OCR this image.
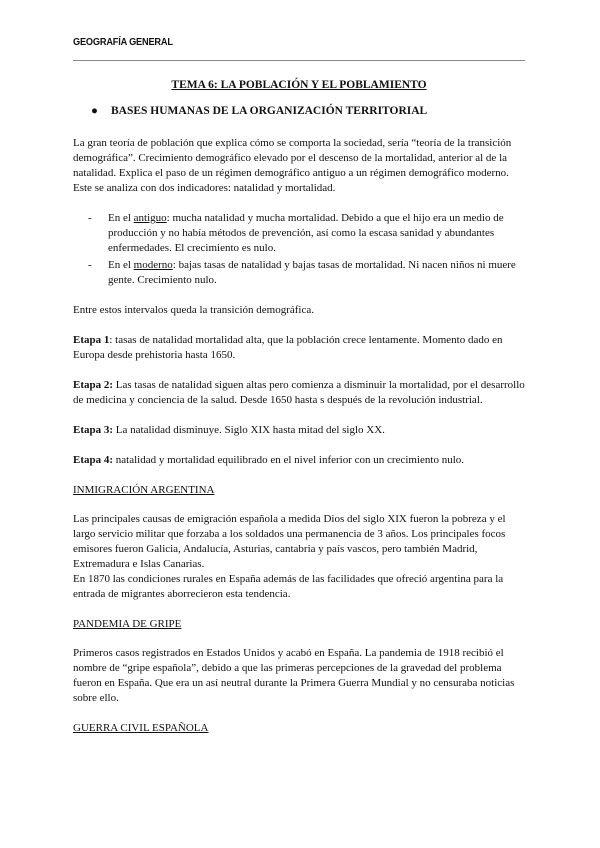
GEOGRAFÍA GENERAL
TEMA 6: LA POBLACIÓN Y EL POBLAMIENTO
●	BASES HUMANAS DE LA ORGANIZACIÓN TERRITORIAL

La gran teoría de población que explica cómo se comporta la sociedad, sería “teoría de la transición demográfica”. Crecimiento demográfico elevado por el descenso de la mortalidad, anterior al de la natalidad. Explica el paso de un régimen demográfico antiguo a un régimen demográfico moderno. Este se analiza con dos indicadores: natalidad y mortalidad.

-	En el antiguo: mucha natalidad y mucha mortalidad. Debido a que el hijo era un medio de producción y no había métodos de prevención, así como la escasa sanidad y abundantes enfermedades. El crecimiento es nulo.
-	En el moderno: bajas tasas de natalidad y bajas tasas de mortalidad. Ni nacen niños ni muere gente. Crecimiento nulo.

Entre estos intervalos queda la transición demográfica.

Etapa 1: tasas de natalidad mortalidad alta, que la población crece lentamente. Momento dado en Europa desde prehistoria hasta 1650.

Etapa 2: Las tasas de natalidad siguen altas pero comienza a disminuir la mortalidad, por el desarrollo de medicina y conciencia de la salud. Desde 1650 hasta s después de la revolución industrial.

Etapa 3: La natalidad disminuye. Siglo XIX hasta mitad del siglo XX.

Etapa 4: natalidad y mortalidad equilibrado en el nivel inferior con un crecimiento nulo.

INMIGRACIÓN ARGENTINA

Las principales causas de emigración española a medida Dios del siglo XIX fueron la pobreza y el largo servicio militar que forzaba a los soldados una permanencia de 3 años. Los principales focos emisores fueron Galicia, Andalucía, Asturias, cantabria y país vascos, pero también Madrid, Extremadura e Islas Canarias.

En 1870 las condiciones rurales en España además de las facilidades que ofreció argentina para la entrada de migrantes aborrecieron esta tendencia.

PANDEMIA DE GRIPE

Primeros casos registrados en Estados Unidos y acabó en España. La pandemia de 1918 recibió el nombre de “gripe española”, debido a que las primeras percepciones de la gravedad del problema fueron en España. Que era un así neutral durante la Primera Guerra Mundial y no censuraba noticias sobre ello.

GUERRA CIVIL ESPAÑOLA
